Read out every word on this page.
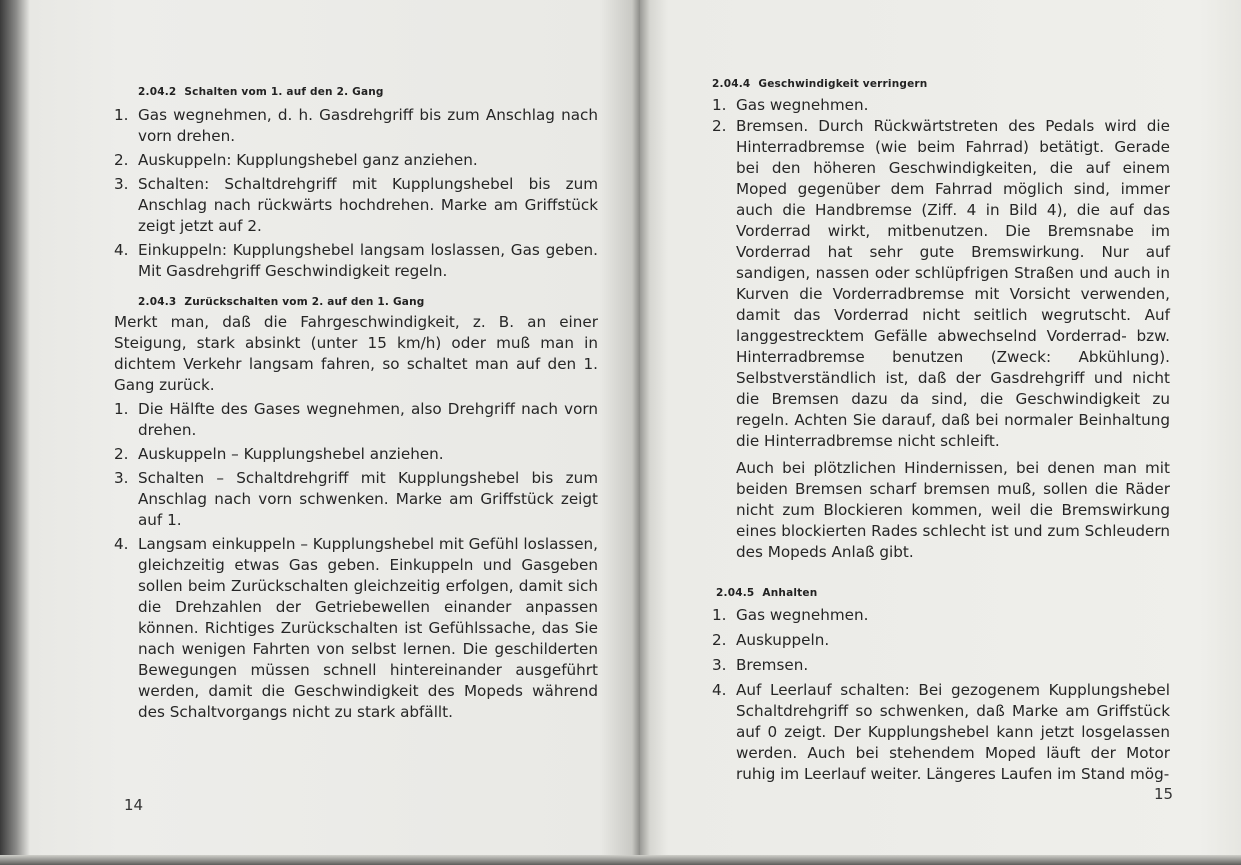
2.04.2 Schalten vom 1. auf den 2. Gang

1. Gas wegnehmen, d. h. Gasdrehgriff bis zum Anschlag nach vorn drehen.
2. Auskuppeln: Kupplungshebel ganz anziehen.
3. Schalten: Schaltdrehgriff mit Kupplungshebel bis zum Anschlag nach rückwärts hochdrehen. Marke am Griffstück zeigt jetzt auf 2.
4. Einkuppeln: Kupplungshebel langsam loslassen, Gas geben. Mit Gasdrehgriff Geschwindigkeit regeln.

2.04.3 Zurückschalten vom 2. auf den 1. Gang

Merkt man, daß die Fahrgeschwindigkeit, z. B. an einer Steigung, stark absinkt (unter 15 km/h) oder muß man in dichtem Verkehr langsam fahren, so schaltet man auf den 1. Gang zurück.

1. Die Hälfte des Gases wegnehmen, also Drehgriff nach vorn drehen.
2. Auskuppeln – Kupplungshebel anziehen.
3. Schalten – Schaltdrehgriff mit Kupplungshebel bis zum Anschlag nach vorn schwenken. Marke am Griffstück zeigt auf 1.
4. Langsam einkuppeln – Kupplungshebel mit Gefühl loslassen, gleichzeitig etwas Gas geben. Einkuppeln und Gasgeben sollen beim Zurückschalten gleichzeitig erfolgen, damit sich die Drehzahlen der Getriebewellen einander anpassen können. Richtiges Zurückschalten ist Gefühlssache, das Sie nach wenigen Fahrten von selbst lernen. Die geschilderten Bewegungen müssen schnell hintereinander ausgeführt werden, damit die Geschwindigkeit des Mopeds während des Schaltvorgangs nicht zu stark abfällt.
14

2.04.4 Geschwindigkeit verringern

1. Gas wegnehmen.
2. Bremsen. Durch Rückwärtstreten des Pedals wird die Hinterradbremse (wie beim Fahrrad) betätigt. Gerade bei den höheren Geschwindigkeiten, die auf einem Moped gegenüber dem Fahrrad möglich sind, immer auch die Handbremse (Ziff. 4 in Bild 4), die auf das Vorderrad wirkt, mitbenutzen. Die Bremsnabe im Vorderrad hat sehr gute Bremswirkung. Nur auf sandigen, nassen oder schlüpfrigen Straßen und auch in Kurven die Vorderradbremse mit Vorsicht verwenden, damit das Vorderrad nicht seitlich wegrutscht. Auf langgestrecktem Gefälle abwechselnd Vorderrad- bzw. Hinterradbremse benutzen (Zweck: Abkühlung). Selbstverständlich ist, daß der Gasdrehgriff und nicht die Bremsen dazu da sind, die Geschwindigkeit zu regeln. Achten Sie darauf, daß bei normaler Beinhaltung die Hinterradbremse nicht schleift.

Auch bei plötzlichen Hindernissen, bei denen man mit beiden Bremsen scharf bremsen muß, sollen die Räder nicht zum Blockieren kommen, weil die Bremswirkung eines blockierten Rades schlecht ist und zum Schleudern des Mopeds Anlaß gibt.

2.04.5 Anhalten

1. Gas wegnehmen.
2. Auskuppeln.
3. Bremsen.
4. Auf Leerlauf schalten: Bei gezogenem Kupplungshebel Schaltdrehgriff so schwenken, daß Marke am Griffstück auf 0 zeigt. Der Kupplungshebel kann jetzt losgelassen werden. Auch bei stehendem Moped läuft der Motor ruhig im Leerlauf weiter. Längeres Laufen im Stand mög-
15
